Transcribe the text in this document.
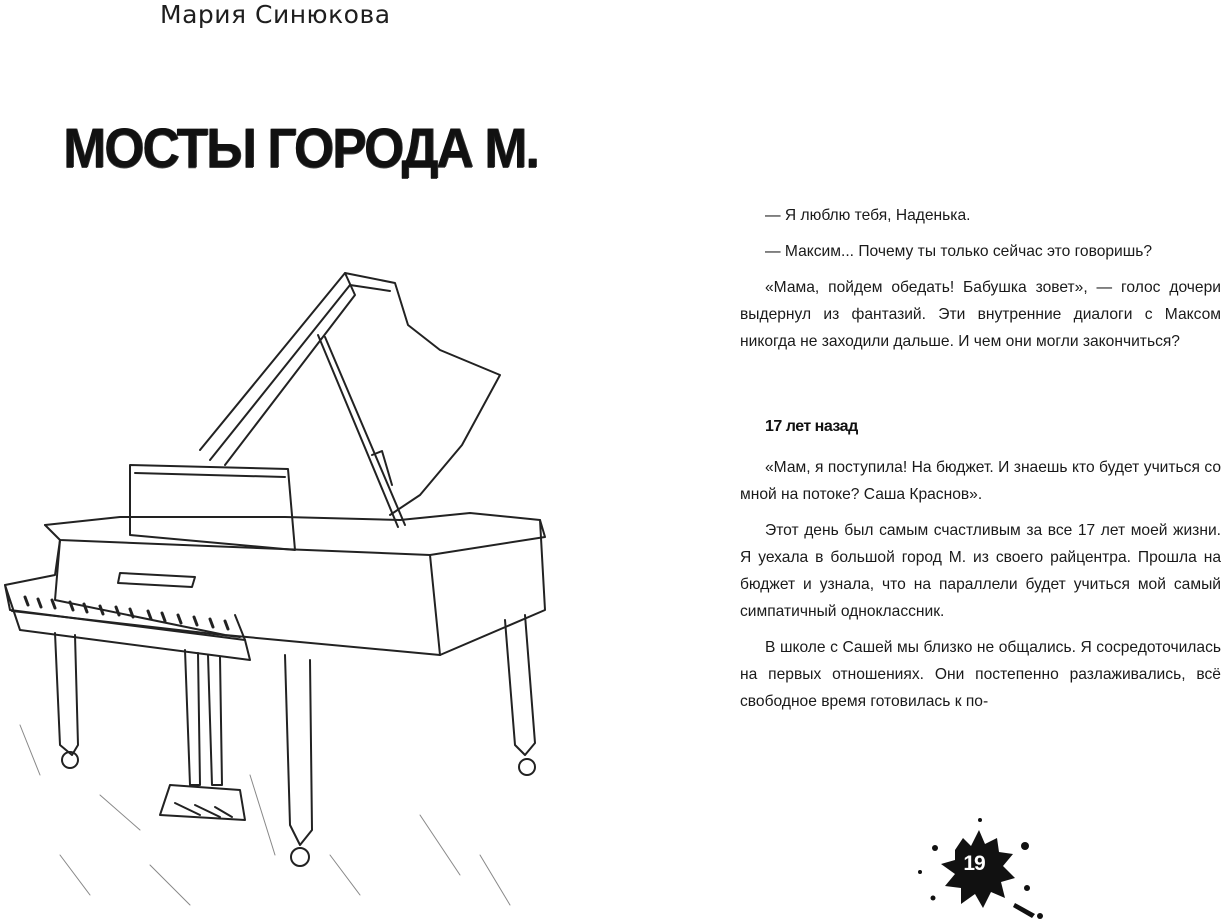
Мария Синюкова
МОСТЫ ГОРОДА М.

— Я люблю тебя, Наденька.

— Максим... Почему ты только сейчас это говоришь?

«Мама, пойдем обедать! Бабушка зовет», — голос дочери выдернул из фантазий. Эти внутренние диалоги с Максом никогда не заходили дальше. И чем они могли закончиться?

17 лет назад

«Мам, я поступила! На бюджет. И знаешь кто будет учиться со мной на потоке? Саша Краснов».

Этот день был самым счастливым за все 17 лет моей жизни. Я уехала в большой город М. из своего райцентра. Прошла на бюджет и узнала, что на параллели будет учиться мой самый симпатичный одноклассник.

В школе с Сашей мы близко не общались. Я сосредоточилась на первых отношениях. Они постепенно разлаживались, всё свободное время готовилась к по-

19
